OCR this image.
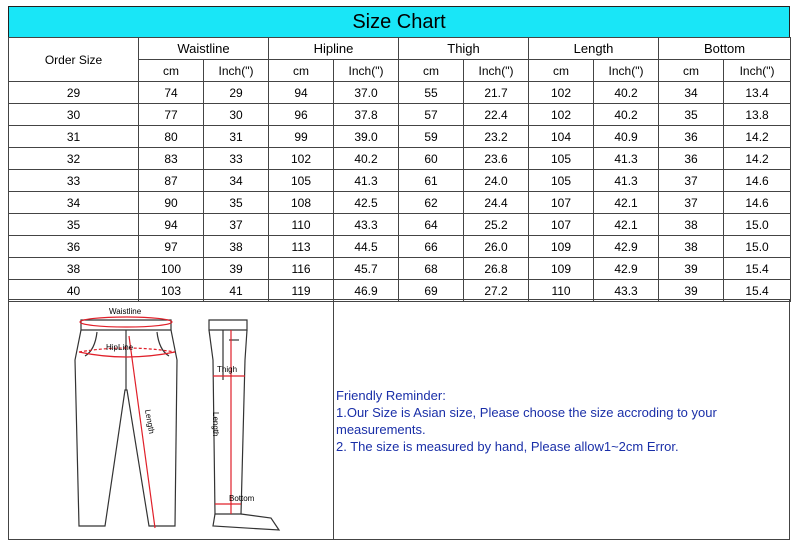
Size Chart
Order Size	Waistline		Hipline		Thigh		Length		Bottom	
	cm	Inch(")	cm	Inch(")	cm	Inch(")	cm	Inch(")	cm	Inch(")
29	74	29	94	37.0	55	21.7	102	40.2	34	13.4
30	77	30	96	37.8	57	22.4	102	40.2	35	13.8
31	80	31	99	39.0	59	23.2	104	40.9	36	14.2
32	83	33	102	40.2	60	23.6	105	41.3	36	14.2
33	87	34	105	41.3	61	24.0	105	41.3	37	14.6
34	90	35	108	42.5	62	24.4	107	42.1	37	14.6
35	94	37	110	43.3	64	25.2	107	42.1	38	15.0
36	97	38	113	44.5	66	26.0	109	42.9	38	15.0
38	100	39	116	45.7	68	26.8	109	42.9	39	15.4
40	103	41	119	46.9	69	27.2	110	43.3	39	15.4
Waistline
HipLine
Length
Thigh
Length
Bottom
Friendly Reminder:
1.Our Size is Asian size, Please choose the size accroding to your measurements.
2. The size is measured by hand, Please allow1~2cm Error.
